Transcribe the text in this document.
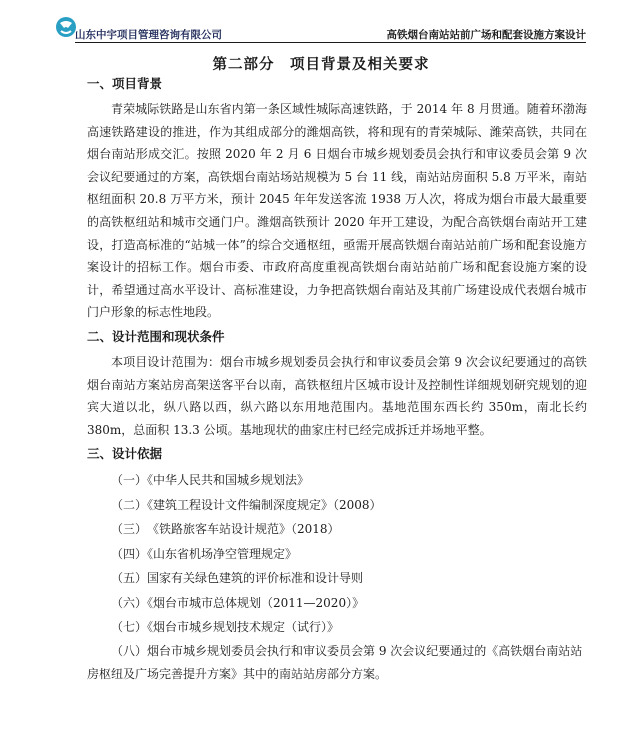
山东中宇项目管理咨询有限公司	高铁烟台南站站前广场和配套设施方案设计
第二部分　项目背景及相关要求
一、项目背景

青荣城际铁路是山东省内第一条区域性城际高速铁路，于 2014 年 8 月贯通。随着环渤海高速铁路建设的推进，作为其组成部分的潍烟高铁，将和现有的青荣城际、潍荣高铁，共同在烟台南站形成交汇。按照 2020 年 2 月 6 日烟台市城乡规划委员会执行和审议委员会第 9 次会议纪要通过的方案，高铁烟台南站场站规模为 5 台 11 线，南站站房面积 5.8 万平米，南站枢纽面积 20.8 万平方米，预计 2045 年年发送客流 1938 万人次，将成为烟台市最大最重要的高铁枢纽站和城市交通门户。潍烟高铁预计 2020 年开工建设，为配合高铁烟台南站开工建设，打造高标准的“站城一体”的综合交通枢纽，亟需开展高铁烟台南站站前广场和配套设施方案设计的招标工作。烟台市委、市政府高度重视高铁烟台南站站前广场和配套设施方案的设计，希望通过高水平设计、高标准建设，力争把高铁烟台南站及其前广场建设成代表烟台城市门户形象的标志性地段。

二、设计范围和现状条件

本项目设计范围为：烟台市城乡规划委员会执行和审议委员会第 9 次会议纪要通过的高铁烟台南站方案站房高架送客平台以南，高铁枢纽片区城市设计及控制性详细规划研究规划的迎宾大道以北，纵八路以西，纵六路以东用地范围内。基地范围东西长约 350m，南北长约 380m，总面积 13.3 公顷。基地现状的曲家庄村已经完成拆迁并场地平整。

三、设计依据
（一）《中华人民共和国城乡规划法》
（二）《建筑工程设计文件编制深度规定》（2008）
（三）　《铁路旅客车站设计规范》（2018）
（四）《山东省机场净空管理规定》
（五）国家有关绿色建筑的评价标准和设计导则
（六）《烟台市城市总体规划（2011—2020）》
（七）《烟台市城乡规划技术规定（试行）》
（八）烟台市城乡规划委员会执行和审议委员会第 9 次会议纪要通过的《高铁烟台南站站房枢纽及广场完善提升方案》其中的南站站房部分方案。
